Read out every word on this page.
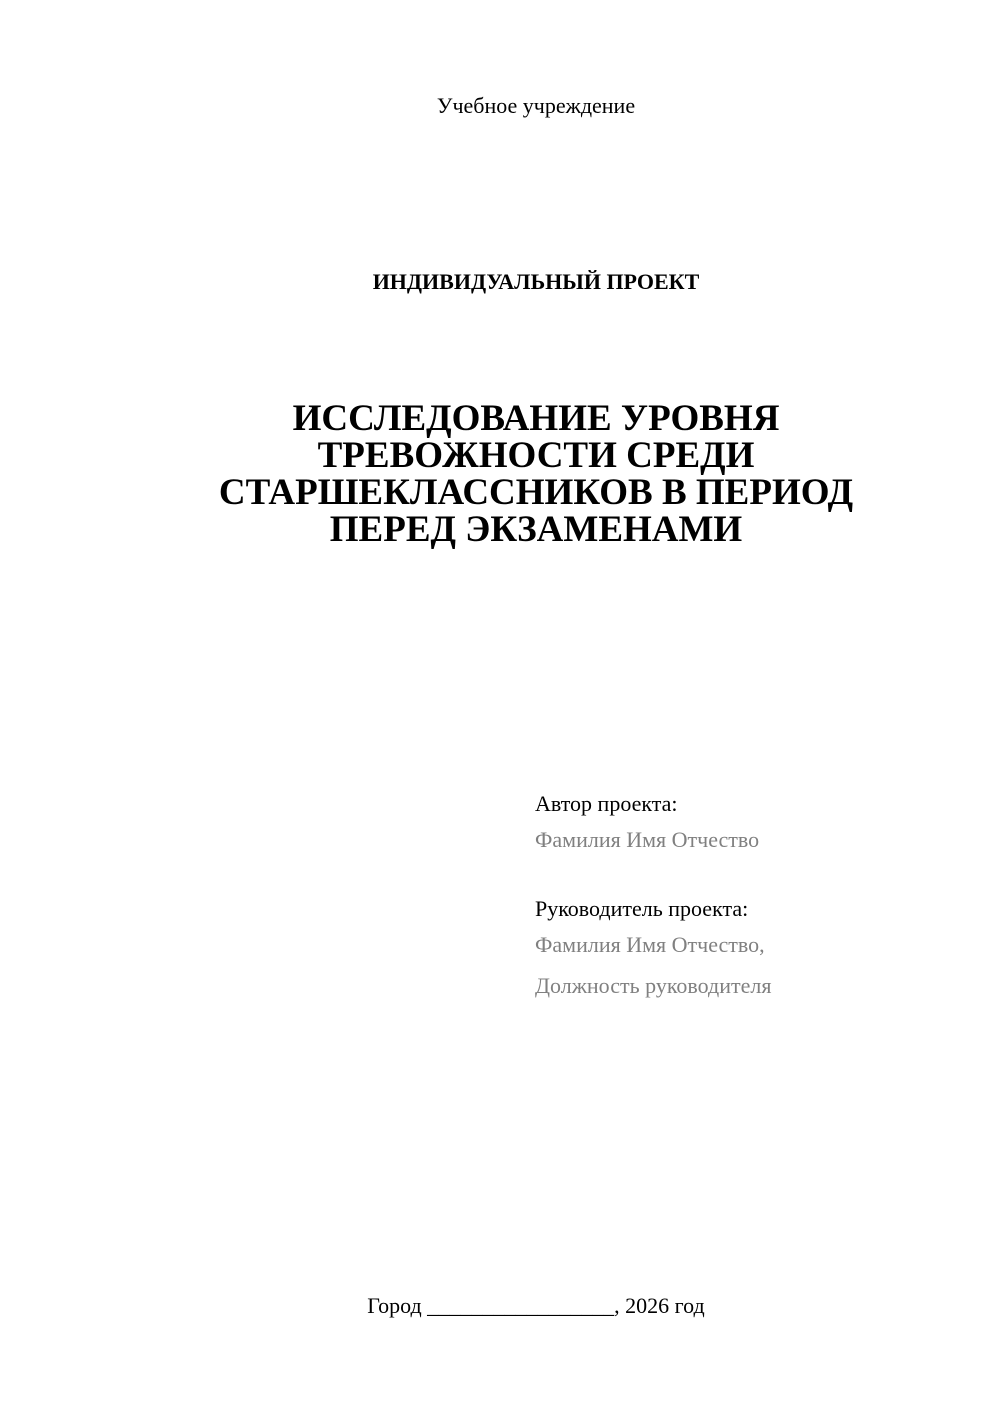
Учебное учреждение
ИНДИВИДУАЛЬНЫЙ ПРОЕКТ
ИССЛЕДОВАНИЕ УРОВНЯ
ТРЕВОЖНОСТИ СРЕДИ
СТАРШЕКЛАССНИКОВ В ПЕРИОД
ПЕРЕД ЭКЗАМЕНАМИ
Автор проекта:
Фамилия Имя Отчество
Руководитель проекта:
Фамилия Имя Отчество,
Должность руководителя
Город _________________, 2026 год
